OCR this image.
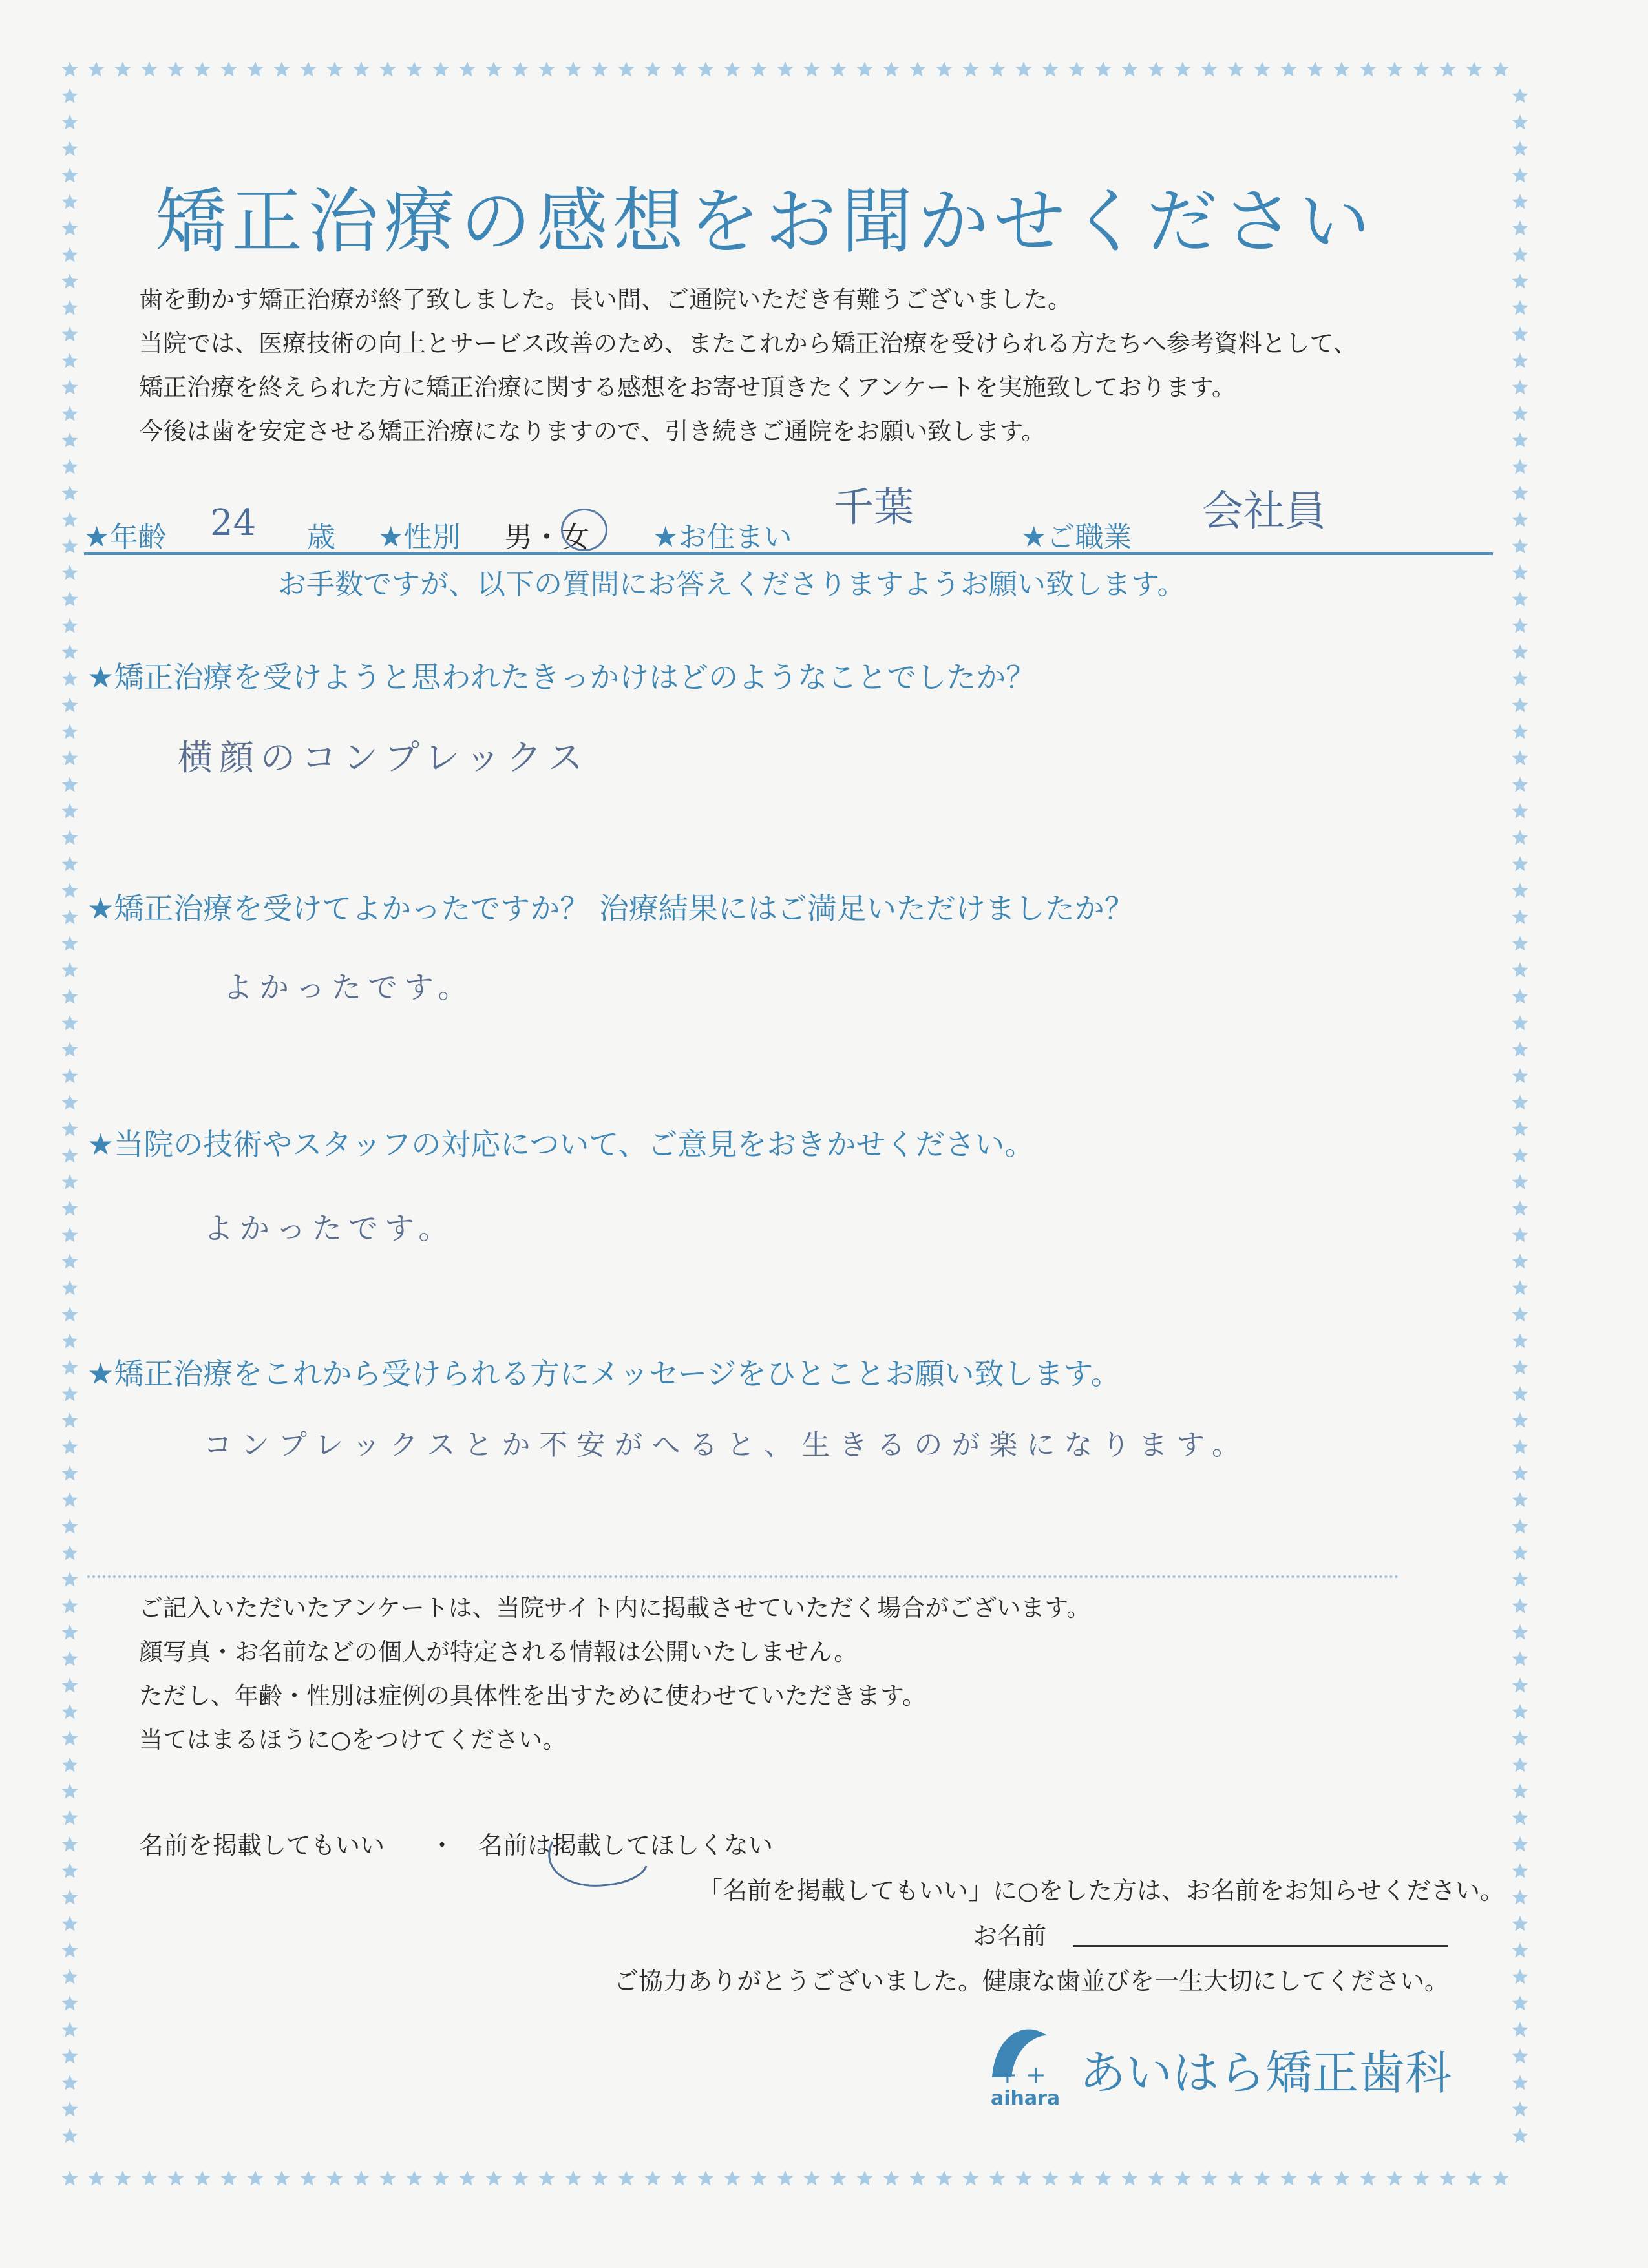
矯正治療の感想をお聞かせください

歯を動かす矯正治療が終了致しました。長い間、ご通院いただき有難うございました。

当院では、医療技術の向上とサービス改善のため、またこれから矯正治療を受けられる方たちへ参考資料として、

矯正治療を終えられた方に矯正治療に関する感想をお寄せ頂きたくアンケートを実施致しております。

今後は歯を安定させる矯正治療になりますので、引き続きご通院をお願い致します。

★年齢 24 歳 ★性別 男・女 ★お住まい
千葉
★ご職業
会社員
お手数ですが、以下の質問にお答えくださりますようお願い致します。
★矯正治療を受けようと思われたきっかけはどのようなことでしたか？
横顔のコンプレックス
★矯正治療を受けてよかったですか？ 治療結果にはご満足いただけましたか？
よかったです。
★当院の技術やスタッフの対応について、ご意見をおきかせください。
よかったです。
★矯正治療をこれから受けられる方にメッセージをひとことお願い致します。
コンプレックスとか不安がへると、生きるのが楽になります。

ご記入いただいたアンケートは、当院サイト内に掲載させていただく場合がございます。

顔写真・お名前などの個人が特定される情報は公開いたしません。

ただし、年齢・性別は症例の具体性を出すために使わせていただきます。

当てはまるほうに○をつけてください。

名前を掲載してもいい ・ 名前は掲載してほしくない
「名前を掲載してもいい」に○をした方は、お名前をお知らせください。
お名前
ご協力ありがとうございました。健康な歯並びを一生大切にしてください。
+ +
aihara あいはら矯正歯科
